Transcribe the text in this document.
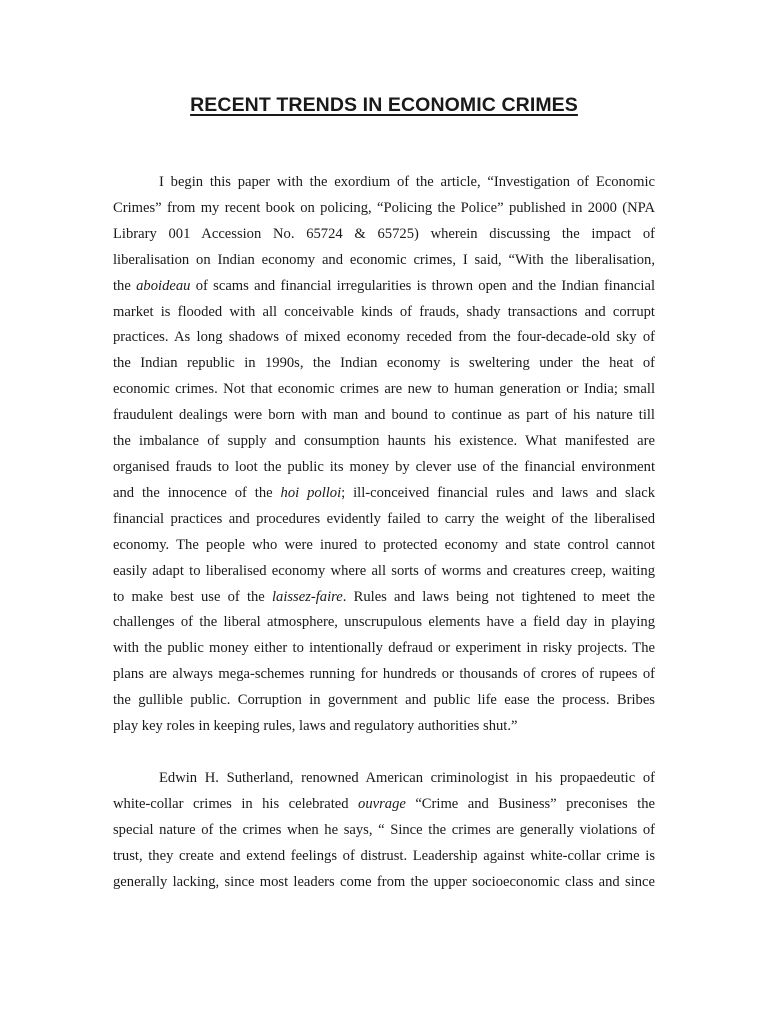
RECENT TRENDS IN ECONOMIC CRIMES
I begin this paper with the exordium of the article, “Investigation of Economic
Crimes” from my recent book on policing, “Policing the Police” published in 2000 (NPA
Library 001 Accession No. 65724 & 65725) wherein discussing the impact of
liberalisation on Indian economy and economic crimes, I said, “With the liberalisation,
the aboideau of scams and financial irregularities is thrown open and the Indian financial
market is flooded with all conceivable kinds of frauds, shady transactions and corrupt
practices. As long shadows of mixed economy receded from the four-decade-old sky of
the Indian republic in 1990s, the Indian economy is sweltering under the heat of
economic crimes. Not that economic crimes are new to human generation or India; small
fraudulent dealings were born with man and bound to continue as part of his nature till
the imbalance of supply and consumption haunts his existence. What manifested are
organised frauds to loot the public its money by clever use of the financial environment
and the innocence of the hoi polloi; ill-conceived financial rules and laws and slack
financial practices and procedures evidently failed to carry the weight of the liberalised
economy. The people who were inured to protected economy and state control cannot
easily adapt to liberalised economy where all sorts of worms and creatures creep, waiting
to make best use of the laissez-faire. Rules and laws being not tightened to meet the
challenges of the liberal atmosphere, unscrupulous elements have a field day in playing
with the public money either to intentionally defraud or experiment in risky projects. The
plans are always mega-schemes running for hundreds or thousands of crores of rupees of
the gullible public. Corruption in government and public life ease the process. Bribes
play key roles in keeping rules, laws and regulatory authorities shut.”
Edwin H. Sutherland, renowned American criminologist in his propaedeutic of
white-collar crimes in his celebrated ouvrage “Crime and Business” preconises the
special nature of the crimes when he says, “ Since the crimes are generally violations of
trust, they create and extend feelings of distrust. Leadership against white-collar crime is
generally lacking, since most leaders come from the upper socioeconomic class and since
